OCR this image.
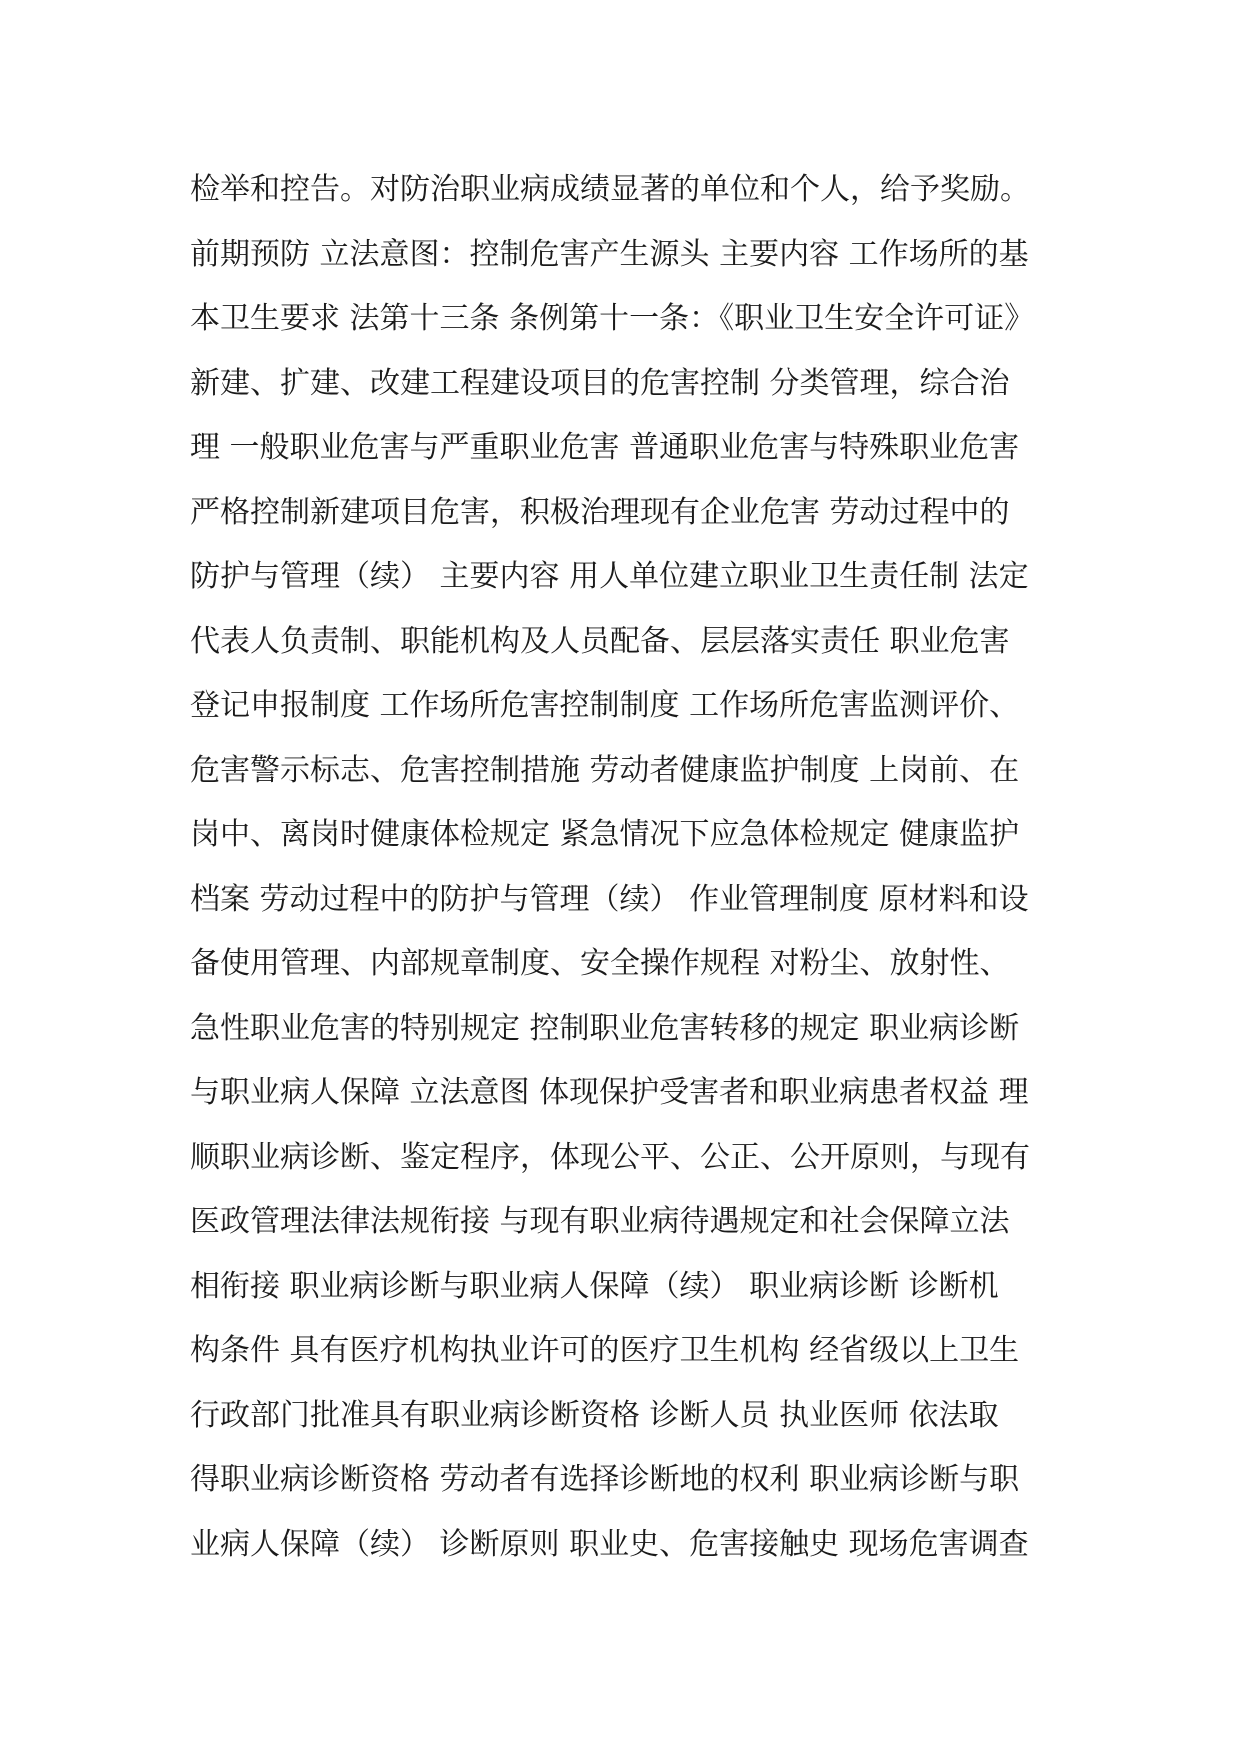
检举和控告。对防治职业病成绩显著的单位和个人，给予奖励。
前期预防 立法意图：控制危害产生源头 主要内容 工作场所的基
本卫生要求 法第十三条 条例第十一条：《职业卫生安全许可证》
新建、扩建、改建工程建设项目的危害控制 分类管理，综合治
理 一般职业危害与严重职业危害 普通职业危害与特殊职业危害
严格控制新建项目危害，积极治理现有企业危害 劳动过程中的
防护与管理（续） 主要内容 用人单位建立职业卫生责任制 法定
代表人负责制、职能机构及人员配备、层层落实责任 职业危害
登记申报制度 工作场所危害控制制度 工作场所危害监测评价、
危害警示标志、危害控制措施 劳动者健康监护制度 上岗前、在
岗中、离岗时健康体检规定 紧急情况下应急体检规定 健康监护
档案 劳动过程中的防护与管理（续） 作业管理制度 原材料和设
备使用管理、内部规章制度、安全操作规程 对粉尘、放射性、
急性职业危害的特别规定 控制职业危害转移的规定 职业病诊断
与职业病人保障 立法意图 体现保护受害者和职业病患者权益 理
顺职业病诊断、鉴定程序，体现公平、公正、公开原则，与现有
医政管理法律法规衔接 与现有职业病待遇规定和社会保障立法
相衔接 职业病诊断与职业病人保障（续） 职业病诊断 诊断机
构条件 具有医疗机构执业许可的医疗卫生机构 经省级以上卫生
行政部门批准具有职业病诊断资格 诊断人员 执业医师 依法取
得职业病诊断资格 劳动者有选择诊断地的权利 职业病诊断与职
业病人保障（续） 诊断原则 职业史、危害接触史 现场危害调查
